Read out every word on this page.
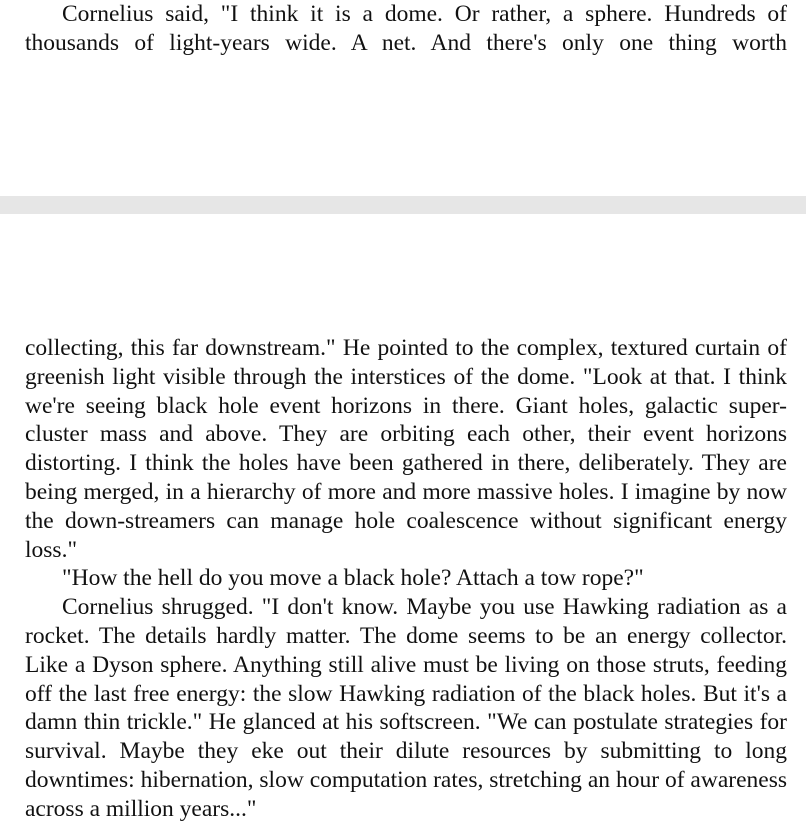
Cornelius said, "I think it is a dome. Or rather, a sphere. Hundreds of thousands of light-years wide. A net. And there's only one thing worth

collecting, this far downstream." He pointed to the complex, textured curtain of greenish light visible through the interstices of the dome. "Look at that. I think we're seeing black hole event horizons in there. Giant holes, galactic super-cluster mass and above. They are orbiting each other, their event horizons distorting. I think the holes have been gathered in there, deliberately. They are being merged, in a hierarchy of more and more massive holes. I imagine by now the down-streamers can manage hole coalescence without significant energy loss."

"How the hell do you move a black hole? Attach a tow rope?"

Cornelius shrugged. "I don't know. Maybe you use Hawking radiation as a rocket. The details hardly matter. The dome seems to be an energy collector. Like a Dyson sphere. Anything still alive must be living on those struts, feeding off the last free energy: the slow Hawking radiation of the black holes. But it's a damn thin trickle." He glanced at his softscreen. "We can postulate strategies for survival. Maybe they eke out their dilute resources by submitting to long downtimes: hibernation, slow computation rates, stretching an hour of awareness across a million years..."
